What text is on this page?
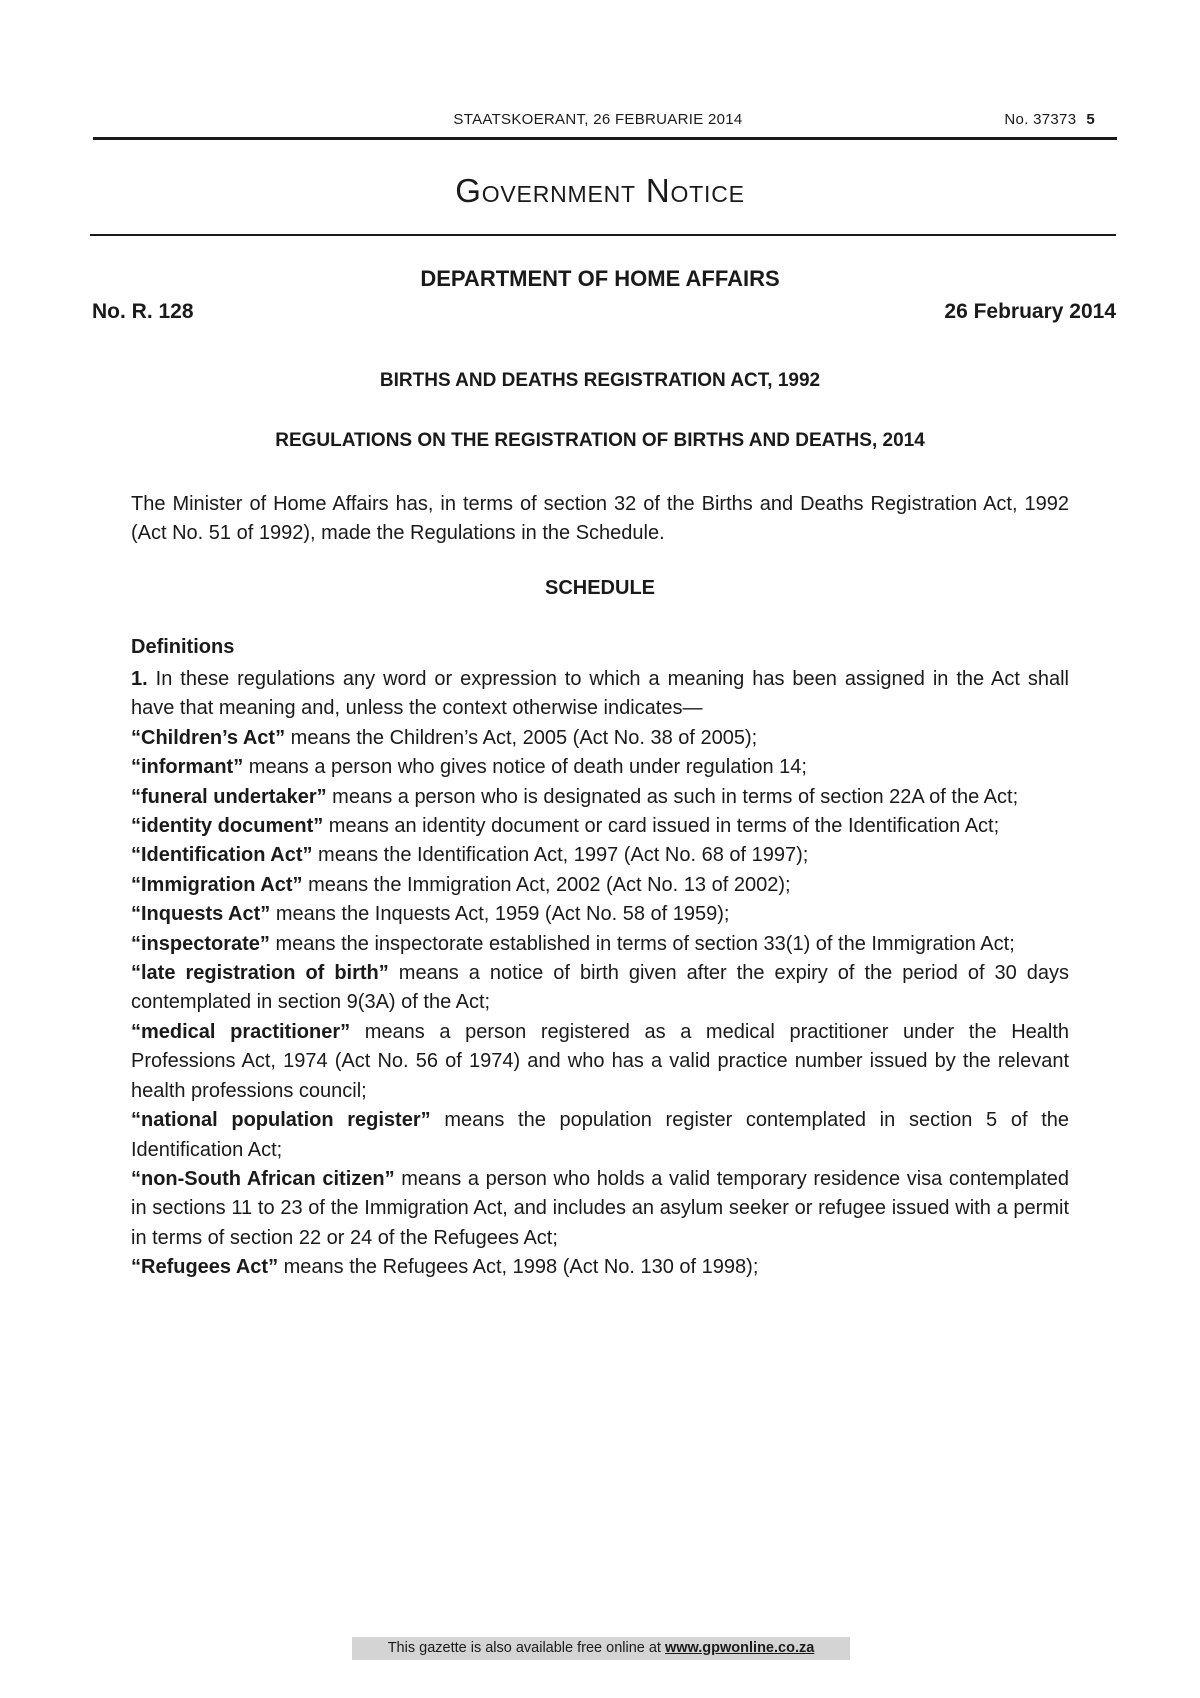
STAATSKOERANT, 26 FEBRUARIE 2014	No. 37373 5
Government Notice
DEPARTMENT OF HOME AFFAIRS
No. R. 128	26 February 2014
BIRTHS AND DEATHS REGISTRATION ACT, 1992
REGULATIONS ON THE REGISTRATION OF BIRTHS AND DEATHS, 2014
The Minister of Home Affairs has, in terms of section 32 of the Births and Deaths Registration Act, 1992 (Act No. 51 of 1992), made the Regulations in the Schedule.
SCHEDULE
Definitions

1. In these regulations any word or expression to which a meaning has been assigned in the Act shall have that meaning and, unless the context otherwise indicates—

“Children’s Act” means the Children’s Act, 2005 (Act No. 38 of 2005);

“informant” means a person who gives notice of death under regulation 14;

“funeral undertaker” means a person who is designated as such in terms of section 22A of the Act;

“identity document” means an identity document or card issued in terms of the Identification Act;

“Identification Act” means the Identification Act, 1997 (Act No. 68 of 1997);

“Immigration Act” means the Immigration Act, 2002 (Act No. 13 of 2002);

“Inquests Act” means the Inquests Act, 1959 (Act No. 58 of 1959);

“inspectorate” means the inspectorate established in terms of section 33(1) of the Immigration Act;

“late registration of birth” means a notice of birth given after the expiry of the period of 30 days contemplated in section 9(3A) of the Act;

“medical practitioner” means a person registered as a medical practitioner under the Health Professions Act, 1974 (Act No. 56 of 1974) and who has a valid practice number issued by the relevant health professions council;

“national population register” means the population register contemplated in section 5 of the Identification Act;

“non-South African citizen” means a person who holds a valid temporary residence visa contemplated in sections 11 to 23 of the Immigration Act, and includes an asylum seeker or refugee issued with a permit in terms of section 22 or 24 of the Refugees Act;

“Refugees Act” means the Refugees Act, 1998 (Act No. 130 of 1998);

This gazette is also available free online at www.gpwonline.co.za
